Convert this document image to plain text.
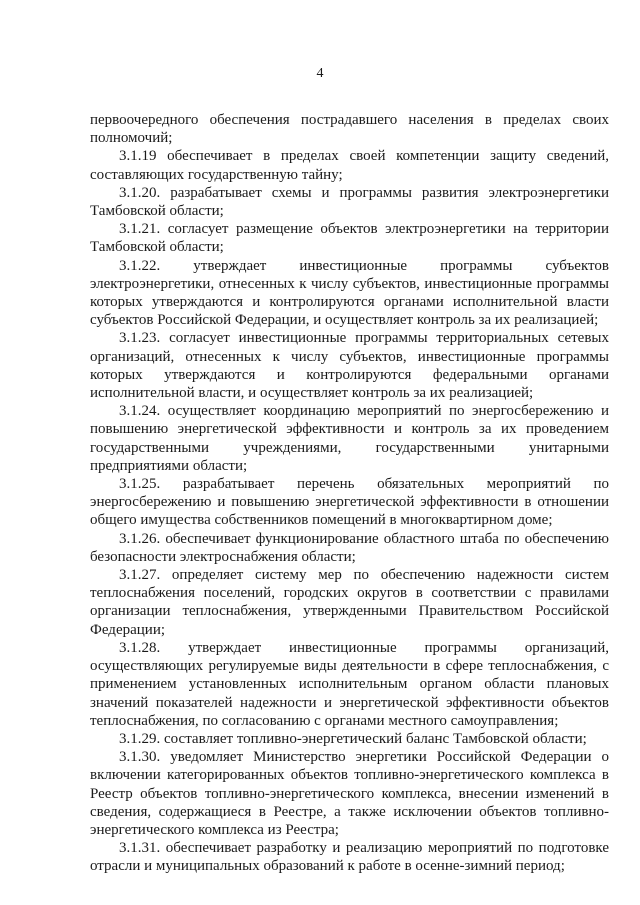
4

первоочередного обеспечения пострадавшего населения в пределах своих полномочий;

3.1.19 обеспечивает в пределах своей компетенции защиту сведений, составляющих государственную тайну;

3.1.20. разрабатывает схемы и программы развития электроэнергетики Тамбовской области;

3.1.21. согласует размещение объектов электроэнергетики на территории Тамбовской области;

3.1.22. утверждает инвестиционные программы субъектов электроэнергетики, отнесенных к числу субъектов, инвестиционные программы которых утверждаются и контролируются органами исполнительной власти субъектов Российской Федерации, и осуществляет контроль за их реализацией;

3.1.23. согласует инвестиционные программы территориальных сетевых организаций, отнесенных к числу субъектов, инвестиционные программы которых утверждаются и контролируются федеральными органами исполнительной власти, и осуществляет контроль за их реализацией;

3.1.24. осуществляет координацию мероприятий по энергосбережению и повышению энергетической эффективности и контроль за их проведением государственными учреждениями, государственными унитарными предприятиями области;

3.1.25. разрабатывает перечень обязательных мероприятий по энергосбережению и повышению энергетической эффективности в отношении общего имущества собственников помещений в многоквартирном доме;

3.1.26. обеспечивает функционирование областного штаба по обеспечению безопасности электроснабжения области;

3.1.27. определяет систему мер по обеспечению надежности систем теплоснабжения поселений, городских округов в соответствии с правилами организации теплоснабжения, утвержденными Правительством Российской Федерации;

3.1.28. утверждает инвестиционные программы организаций, осуществляющих регулируемые виды деятельности в сфере теплоснабжения, с применением установленных исполнительным органом области плановых значений показателей надежности и энергетической эффективности объектов теплоснабжения, по согласованию с органами местного самоуправления;

3.1.29. составляет топливно-энергетический баланс Тамбовской области;

3.1.30. уведомляет Министерство энергетики Российской Федерации о включении категорированных объектов топливно-энергетического комплекса в Реестр объектов топливно-энергетического комплекса, внесении изменений в сведения, содержащиеся в Реестре, а также исключении объектов топливно-энергетического комплекса из Реестра;

3.1.31. обеспечивает разработку и реализацию мероприятий по подготовке отрасли и муниципальных образований к работе в осенне-зимний период;
